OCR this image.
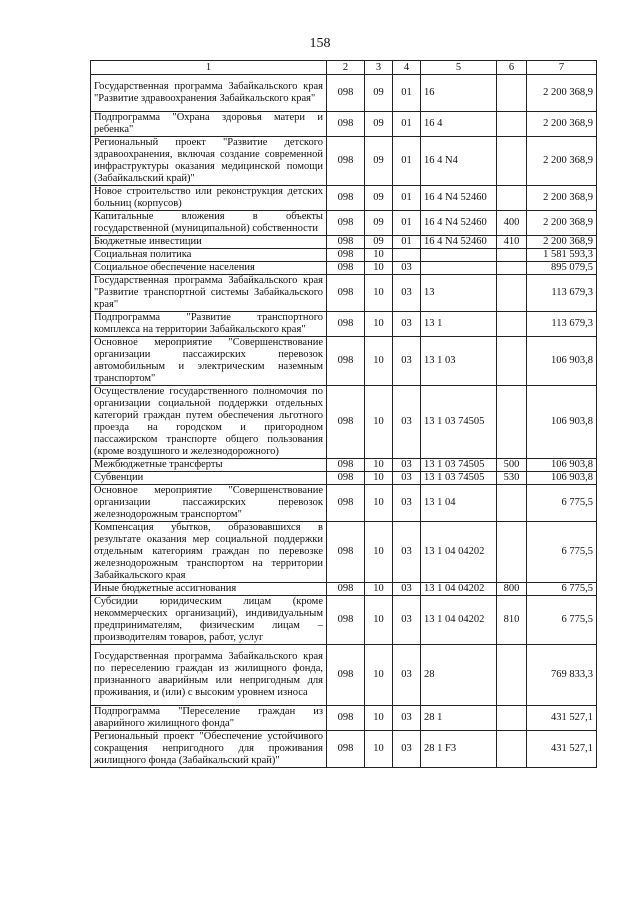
158
1	2	3	4	5	6	7
Государственная программа Забайкальского края "Развитие здравоохранения Забайкальского края"	098	09	01	16		2 200 368,9
Подпрограмма "Охрана здоровья матери и ребенка"	098	09	01	16 4		2 200 368,9
Региональный проект "Развитие детского здравоохранения, включая создание современной инфраструктуры оказания медицинской помощи (Забайкальский край)"	098	09	01	16 4 N4		2 200 368,9
Новое строительство или реконструкция детских больниц (корпусов)	098	09	01	16 4 N4 52460		2 200 368,9
Капитальные вложения в объекты государственной (муниципальной) собственности	098	09	01	16 4 N4 52460	400	2 200 368,9
Бюджетные инвестиции	098	09	01	16 4 N4 52460	410	2 200 368,9
Социальная политика	098	10				1 581 593,3
Социальное обеспечение населения	098	10	03			895 079,5
Государственная программа Забайкальского края "Развитие транспортной системы Забайкальского края"	098	10	03	13		113 679,3
Подпрограмма "Развитие транспортного комплекса на территории Забайкальского края"	098	10	03	13 1		113 679,3
Основное мероприятие "Совершенствование организации пассажирских перевозок автомобильным и электрическим наземным транспортом"	098	10	03	13 1 03		106 903,8
Осуществление государственного полномочия по организации социальной поддержки отдельных категорий граждан путем обеспечения льготного проезда на городском и пригородном пассажирском транспорте общего пользования (кроме воздушного и железнодорожного)	098	10	03	13 1 03 74505		106 903,8
Межбюджетные трансферты	098	10	03	13 1 03 74505	500	106 903,8
Субвенции	098	10	03	13 1 03 74505	530	106 903,8
Основное мероприятие "Совершенствование организации пассажирских перевозок железнодорожным транспортом"	098	10	03	13 1 04		6 775,5
Компенсация убытков, образовавшихся в результате оказания мер социальной поддержки отдельным категориям граждан по перевозке железнодорожным транспортом на территории Забайкальского края	098	10	03	13 1 04 04202		6 775,5
Иные бюджетные ассигнования	098	10	03	13 1 04 04202	800	6 775,5
Субсидии юридическим лицам (кроме некоммерческих организаций), индивидуальным предпринимателям, физическим лицам – производителям товаров, работ, услуг	098	10	03	13 1 04 04202	810	6 775,5
Государственная программа Забайкальского края по переселению граждан из жилищного фонда, признанного аварийным или непригодным для проживания, и (или) с высоким уровнем износа	098	10	03	28		769 833,3
Подпрограмма "Переселение граждан из аварийного жилищного фонда"	098	10	03	28 1		431 527,1
Региональный проект "Обеспечение устойчивого сокращения непригодного для проживания жилищного фонда (Забайкальский край)"	098	10	03	28 1 F3		431 527,1
